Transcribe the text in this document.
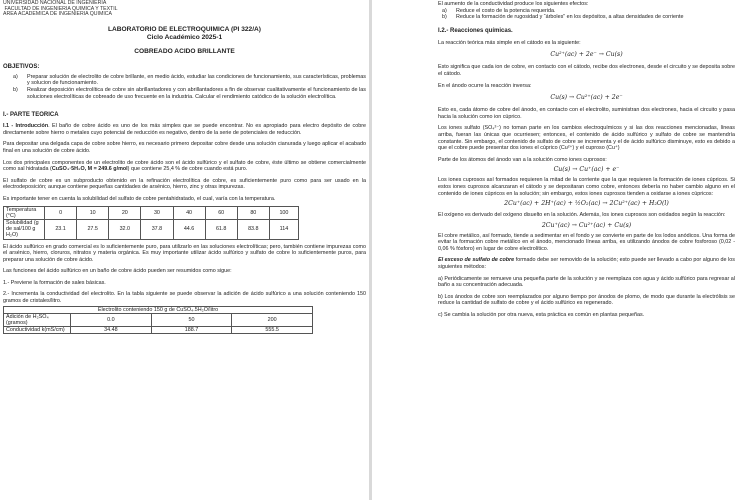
UNIVERSIDAD NACIONAL DE INGENIERIA
FACULTAD DE INGENIERIA QUIMICA Y TEXTIL
AREA ACADEMICA DE INGENIERIA QUIMICA
LABORATORIO DE ELECTROQUIMICA (PI 322/A)
Ciclo Académico 2025-1
COBREADO ACIDO BRILLANTE
OBJETIVOS:
a)	Preparar solución de electrolito de cobre brillante, en medio ácido, estudiar las condiciones de funcionamiento, sus características, problemas y solucion de funcionamiento.
b)	Realizar deposición electrolítica de cobre sin abrillantadores y con abrillantadores a fin de observar cualitativamente el funcionamiento de las soluciones electrolíticas de cobreado de uso frecuente en la industria. Calcular el rendimiento catódico de la solución electrolítica.
I.- PARTE TEORICA

I.1 - Introducción. El baño de cobre ácido es uno de los más simples que se puede encontrar. No es apropiado para electro depósito de cobre directamente sobre hierro o metales cuyo potencial de reducción es negativo, dentro de la serie de potenciales de reducción.

Para depositar una delgada capa de cobre sobre hierro, es necesario primero depositar cobre desde una solución cianurada y luego aplicar el acabado final en una solución de cobre ácido.

Los dos principales componentes de un electrolito de cobre ácido son el ácido sulfúrico y el sulfato de cobre, éste último se obtiene comercialmente como sal hidratada (CuSO₄·5H₂O, M = 249.6 g/mol) que contiene 25,4 % de cobre cuando está puro.

El sulfato de cobre es un subproducto obtenido en la refinación electrolítica de cobre, es suficientemente puro como para ser usado en la electrodeposición; aunque contiene pequeñas cantidades de arsénico, hierro, zinc y otras impurezas.

Es importante tener en cuenta la solubilidad del sulfato de cobre pentahidratado, el cual, varía con la temperatura.

Temperatura (°C)	0	10	20	30	40	60	80	100
Solubilidad (g de sal/100 g H₂O)	23.1	27.5	32.0	37.8	44.6	61.8	83.8	114

El ácido sulfúrico en grado comercial es lo suficientemente puro, para utilizarlo en las soluciones electrolíticas; pero, también contiene impurezas como el arsénico, hierro, cloruros, nitratos y materia orgánica. Es muy importante utilizar ácido sulfúrico y sulfato de cobre lo suficientemente puros, para preparar una solución de cobre ácido.

Las funciones del ácido sulfúrico en un baño de cobre ácido pueden ser resumidos como sigue:

1.- Previene la formación de sales básicas.

2.- Incrementa la conductividad del electrolito. En la tabla siguiente se puede observar la adición de ácido sulfúrico a una solución conteniendo 150 gramos de cristales/litro.

Electrolito conteniendo 150 g de CuSO₄.5H₂O/litro			
Adición de H₂SO₄ (gramos)	0.0	50	200
Conductividad k(mS/cm)	34.48	188.7	555.5

El aumento de la conductividad produce los siguientes efectos:

a)	Reduce el costo de la potencia requerida.
b)	Reduce la formación de rugosidad y “árboles” en los depósitos, a altas densidades de corriente
I.2.- Reacciones químicas.

La reacción teórica más simple en el cátodo es la siguiente:

Cu²⁺(ac) + 2e⁻ → Cu(s)

Esto significa que cada ion de cobre, en contacto con el cátodo, recibe dos electrones, desde el circuito y se deposita sobre el cátodo.

En el ánodo ocurre la reacción inversa:

Cu(s) → Cu²⁺(ac) + 2e⁻

Esto es, cada átomo de cobre del ánodo, en contacto con el electrolito, suministran dos electrones, hacia el circuito y pasa hacia la solución como ion cúprico.

Los iones sulfato (SO₄²⁻) no toman parte en los cambios electroquímicos y si las dos reacciones mencionadas, líneas arriba, fueran las únicas que ocurriesen; entonces, el contenido de ácido sulfúrico y sulfato de cobre se mantendría constante. Sin embargo, el contenido de sulfato de cobre se incrementa y el de ácido sulfúrico disminuye, esto es debido a que el cobre puede presentar dos iones el cúprico (Cu²⁺) y el cuproso (Cu⁺)

Parte de los átomos del ánodo van a la solución como iones cuprosos:

Cu(s) → Cu⁺(ac) + e⁻

Los iones cuprosos así formados requieren la mitad de la corriente que la que requieren la formación de iones cúpricos. Si estos iones cuprosos alcanzaran el cátodo y se depositaran como cobre, entonces debería no haber cambio alguno en el contenido de iones cúpricos en la solución; sin embargo, estos iones cuprosos tienden a oxidarse a iones cúpricos:

2Cu⁺(ac) + 2H⁺(ac) + ½O₂(ac) → 2Cu²⁺(ac) + H₂O(l)

El oxígeno es derivado del oxígeno disuelto en la solución. Además, los iones cuprosos son oxidados según la reacción:

2Cu⁺(ac) → Cu²⁺(ac) + Cu(s)

El cobre metálico, así formado, tiende a sedimentar en el fondo y se convierte en parte de los lodos anódicos. Una forma de evitar la formación cobre metálico en el ánodo, mencionado líneas arriba, es utilizando ánodos de cobre fosforoso (0,02 - 0,06 % fósforo) en lugar de cobre electrolítico.

El exceso de sulfato de cobre formado debe ser removido de la solución; esto puede ser llevado a cabo por alguno de los siguientes métodos:

a) Periódicamente se remueve una pequeña parte de la solución y se reemplaza con agua y ácido sulfúrico para regresar al baño a su concentración adecuada.

b) Los ánodos de cobre son reemplazados por alguno tiempo por ánodos de plomo, de modo que durante la electrólisis se reduce la cantidad de sulfato de cobre y el ácido sulfúrico es regenerado.

c) Se cambia la solución por otra nueva, esta práctica es común en plantas pequeñas.
